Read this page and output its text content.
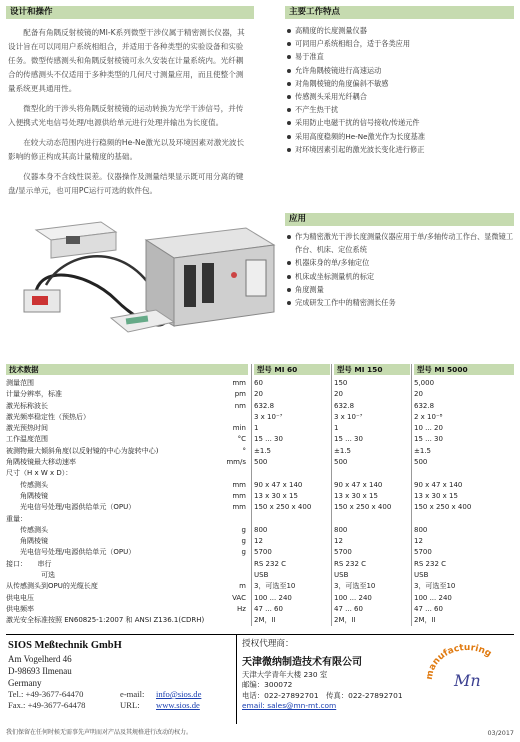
设计和操作

配备有角隅反射棱镜的MI-K系列微型干涉仪属于精密测长仪器，其设计旨在可以同用户系统相组合，并适用于各种类型的实验设备和实验任务。微型传感测头和角隅反射棱镜可永久安装在计量系统内。光纤耦合的传感测头不仅适用于多种类型的几何尺寸测量应用，而且使整个测量系统更具通用性。

微型化的干涉头将角隅反射棱镜的运动转换为光学干涉信号，并传入便携式光电信号处理/电源供给单元进行处理并输出为长度值。

在较大动态范围内进行稳频的He-Ne激光以及环境因素对激光波长影响的修正构成其高计量精度的基础。

仪器本身不含线性误差。仪器操作及测量结果显示既可用分离的键盘/显示单元，也可用PC运行可选的软件包。

主要工作特点
高精度的长度测量仪器
可同用户系统相组合，适于各类应用
易于准直
允许角隅棱镜进行高速运动
对角隅棱镜的角度偏斜不敏感
传感测头采用光纤耦合
不产生热干扰
采用防止电磁干扰的信号接收/传递元件
采用高度稳频的He-Ne激光作为长度基准
对环境因素引起的激光波长变化进行修正
应用
作为精密激光干涉长度测量仪器应用于单/多轴传动工作台、显微镜工作台、机床、定位系统
机器床身的单/多轴定位
机床或坐标测量机的标定
角度测量
完成研发工作中的精密测长任务
技术数据	型号 MI 60	型号 MI 150	型号 MI 5000
测量范围	mm 60	150	5,000
计量分辨率，标准	pm 20	20	20
激光标称波长	nm 632.8	632.8	632.8
激光频率稳定性（预热后）	3 x 10⁻⁷	3 x 10⁻⁷	2 x 10⁻⁸
激光预热时间	min 1	1	10 ... 20
工作温度范围	°C 15 ... 30	15 ... 30	15 ... 30
被测物最大倾斜角度(以反射镜的中心为旋转中心)	° ±1.5	±1.5	±1.5
角隅棱镜最大移动速率	mm/s 500	500	500
尺寸（H x W x D）：
传感测头	mm 90 x 47 x 140	90 x 47 x 140	90 x 47 x 140
角隅棱镜	mm 13 x 30 x 15	13 x 30 x 15	13 x 30 x 15
光电信号处理/电源供给单元（OPU）	mm 150 x 250 x 400	150 x 250 x 400	150 x 250 x 400
重量：
传感测头	g 800	800	800
角隅棱镜	g 12	12	12
光电信号处理/电源供给单元（OPU）	g 5700	5700	5700
接口：　　串行	RS 232 C	RS 232 C	RS 232 C
　　　　　可选	USB	USB	USB
从传感测头到OPU的光缆长度	m 3，可选至10	3，可选至10	3，可选至10
供电电压	VAC 100 ... 240	100 ... 240	100 ... 240
供电频率	Hz 47 ... 60	47 ... 60	47 ... 60
激光安全标准按照 EN60825-1:2007 和 ANSI Z136.1(CDRH)	2M，II	2M，II	2M，II
SIOS Meßtechnik GmbH
Am Vogelherd 46
D-98693 Ilmenau
Germany
Tel.: +49-3677-64470	e-mail:	info@sios.de
Fax.: +49-3677-64478	URL:	www.sios.de
授权代理商：
天津微纳制造技术有限公司
天津大学青年大楼 230 室
邮编：300072
电话：022-27892701　传真：022-27892701
email: sales@mn-mt.com
manufacturing
Mn
我们保留在任何时候无需事先声明而对产品及其规格进行改动的权力。	03/2017
